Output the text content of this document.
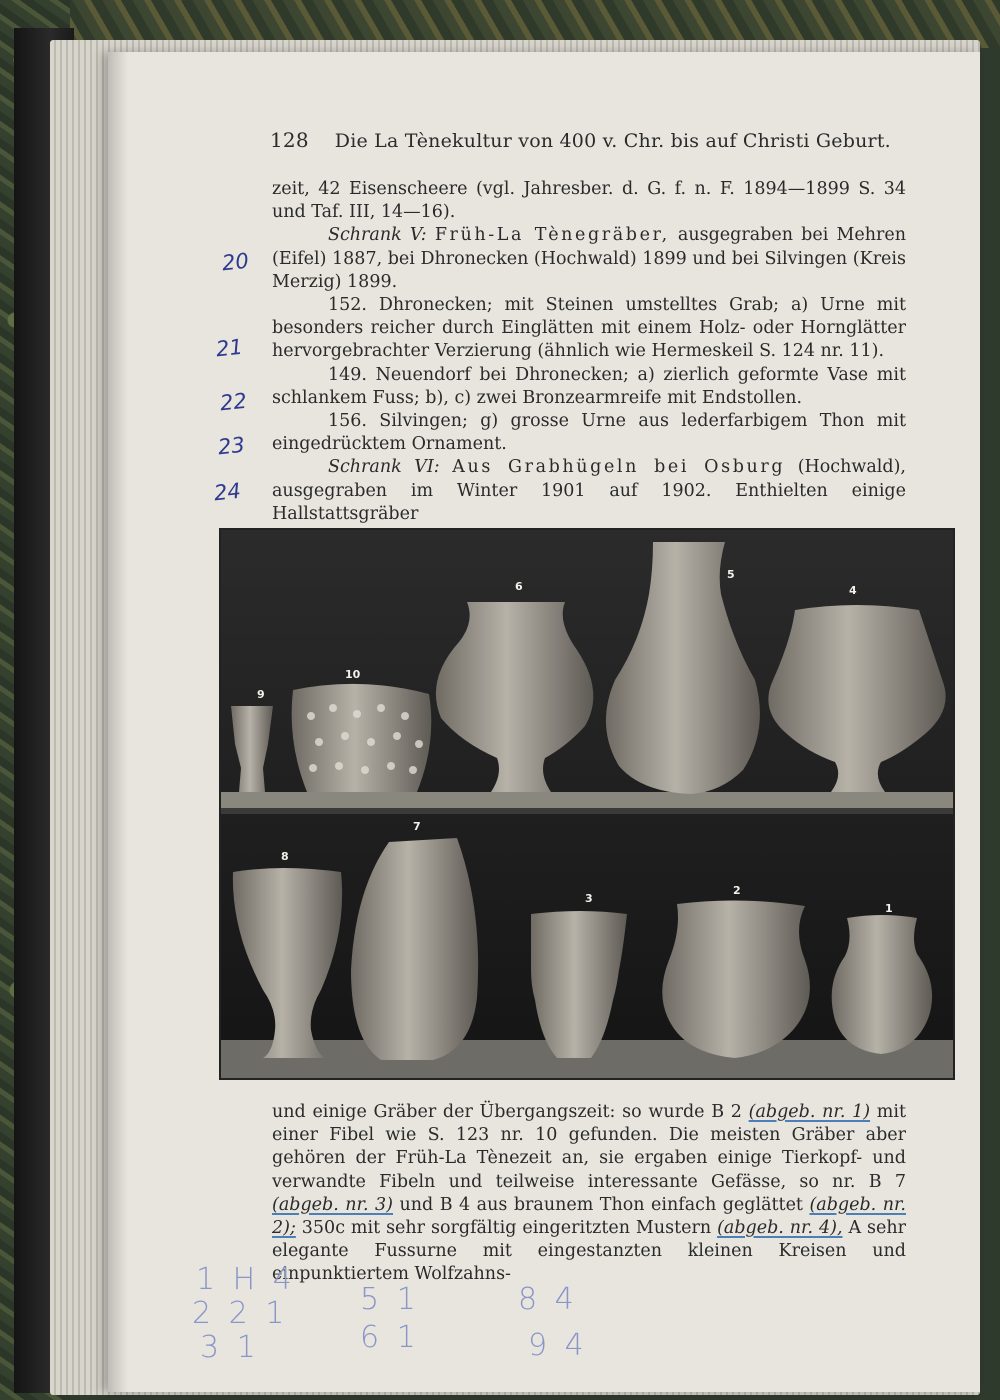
128 Die La Tènekultur von 400 v. Chr. bis auf Christi Geburt.
20
21
22
23
24

zeit, 42 Eisenscheere (vgl. Jahresber. d. G. f. n. F. 1894—1899 S. 34 und Taf. III, 14—16).

Schrank V: Früh-La Tènegräber, ausgegraben bei Mehren (Eifel) 1887, bei Dhronecken (Hochwald) 1899 und bei Silvingen (Kreis Merzig) 1899.

152. Dhronecken; mit Steinen umstelltes Grab; a) Urne mit besonders reicher durch Einglätten mit einem Holz- oder Hornglätter hervorgebrachter Verzierung (ähnlich wie Hermeskeil S. 124 nr. 11).

149. Neuendorf bei Dhronecken; a) zierlich geformte Vase mit schlankem Fuss; b), c) zwei Bronzearmreife mit Endstollen.

156. Silvingen; g) grosse Urne aus lederfarbigem Thon mit eingedrücktem Ornament.

Schrank VI: Aus Grabhügeln bei Osburg (Hochwald), ausgegraben im Winter 1901 auf 1902. Enthielten einige Hallstattsgräber

9
10
6
5
4
8
7
3
2
1

und einige Gräber der Übergangszeit: so wurde B 2 (abgeb. nr. 1) mit einer Fibel wie S. 123 nr. 10 gefunden. Die meisten Gräber aber gehören der Früh-La Tènezeit an, sie ergaben einige Tierkopf- und verwandte Fibeln und teilweise interessante Gefässe, so nr. B 7 (abgeb. nr. 3) und B 4 aus braunem Thon einfach geglättet (abgeb. nr. 2); 350c mit sehr sorgfältig eingeritzten Mustern (abgeb. nr. 4), A sehr elegante Fussurne mit eingestanzten kleinen Kreisen und einpunktiertem Wolfzahns-

1 H 4
2 2 1
3 1
5 1
6 1
8 4
9 4
